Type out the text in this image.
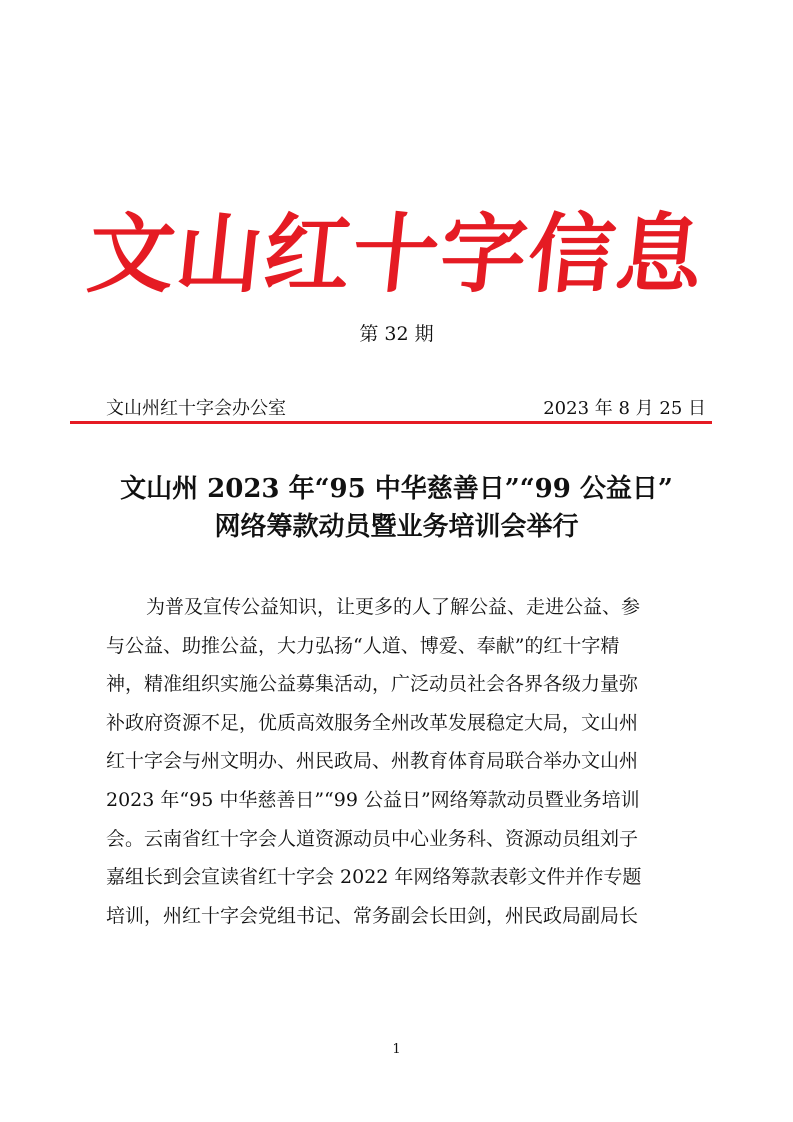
文山红十字信息
第 32 期
文山州红十字会办公室	2023 年 8 月 25 日
文山州 2023 年“95 中华慈善日”“99 公益日”
网络筹款动员暨业务培训会举行
为普及宣传公益知识，让更多的人了解公益、走进公益、参
与公益、助推公益，大力弘扬“人道、博爱、奉献”的红十字精
神，精准组织实施公益募集活动，广泛动员社会各界各级力量弥
补政府资源不足，优质高效服务全州改革发展稳定大局，文山州
红十字会与州文明办、州民政局、州教育体育局联合举办文山州
2023 年“95 中华慈善日”“99 公益日”网络筹款动员暨业务培训
会。云南省红十字会人道资源动员中心业务科、资源动员组刘子
嘉组长到会宣读省红十字会 2022 年网络筹款表彰文件并作专题
培训，州红十字会党组书记、常务副会长田剑，州民政局副局长
1
